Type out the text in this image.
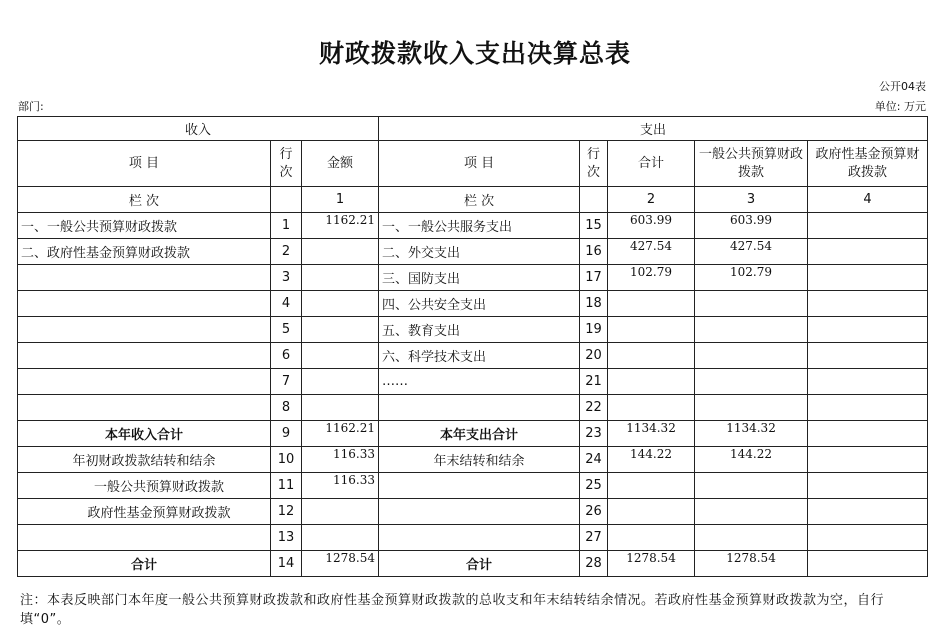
财政拨款收入支出决算总表
公开04表
部门:	单位: 万元
收入			支出				
项 目	行次	金额	项 目	行次	合计	一般公共预算财政拨款	政府性基金预算财政拨款
栏 次		1	栏 次		2	3	4
一、一般公共预算财政拨款	1	1162.21	一、一般公共服务支出	15	603.99	603.99	
二、政府性基金预算财政拨款	2		二、外交支出	16	427.54	427.54	
	3		三、国防支出	17	102.79	102.79	
	4		四、公共安全支出	18			
	5		五、教育支出	19			
	6		六、科学技术支出	20			
	7		……	21			
	8			22			
本年收入合计	9	1162.21	本年支出合计	23	1134.32	1134.32	
年初财政拨款结转和结余	10	116.33	年末结转和结余	24	144.22	144.22	
一般公共预算财政拨款	11	116.33		25			
政府性基金预算财政拨款	12			26			
	13			27			
合计	14	1278.54	合计	28	1278.54	1278.54	
注：本表反映部门本年度一般公共预算财政拨款和政府性基金预算财政拨款的总收支和年末结转结余情况。若政府性基金预算财政拨款为空，自行填“0”。
